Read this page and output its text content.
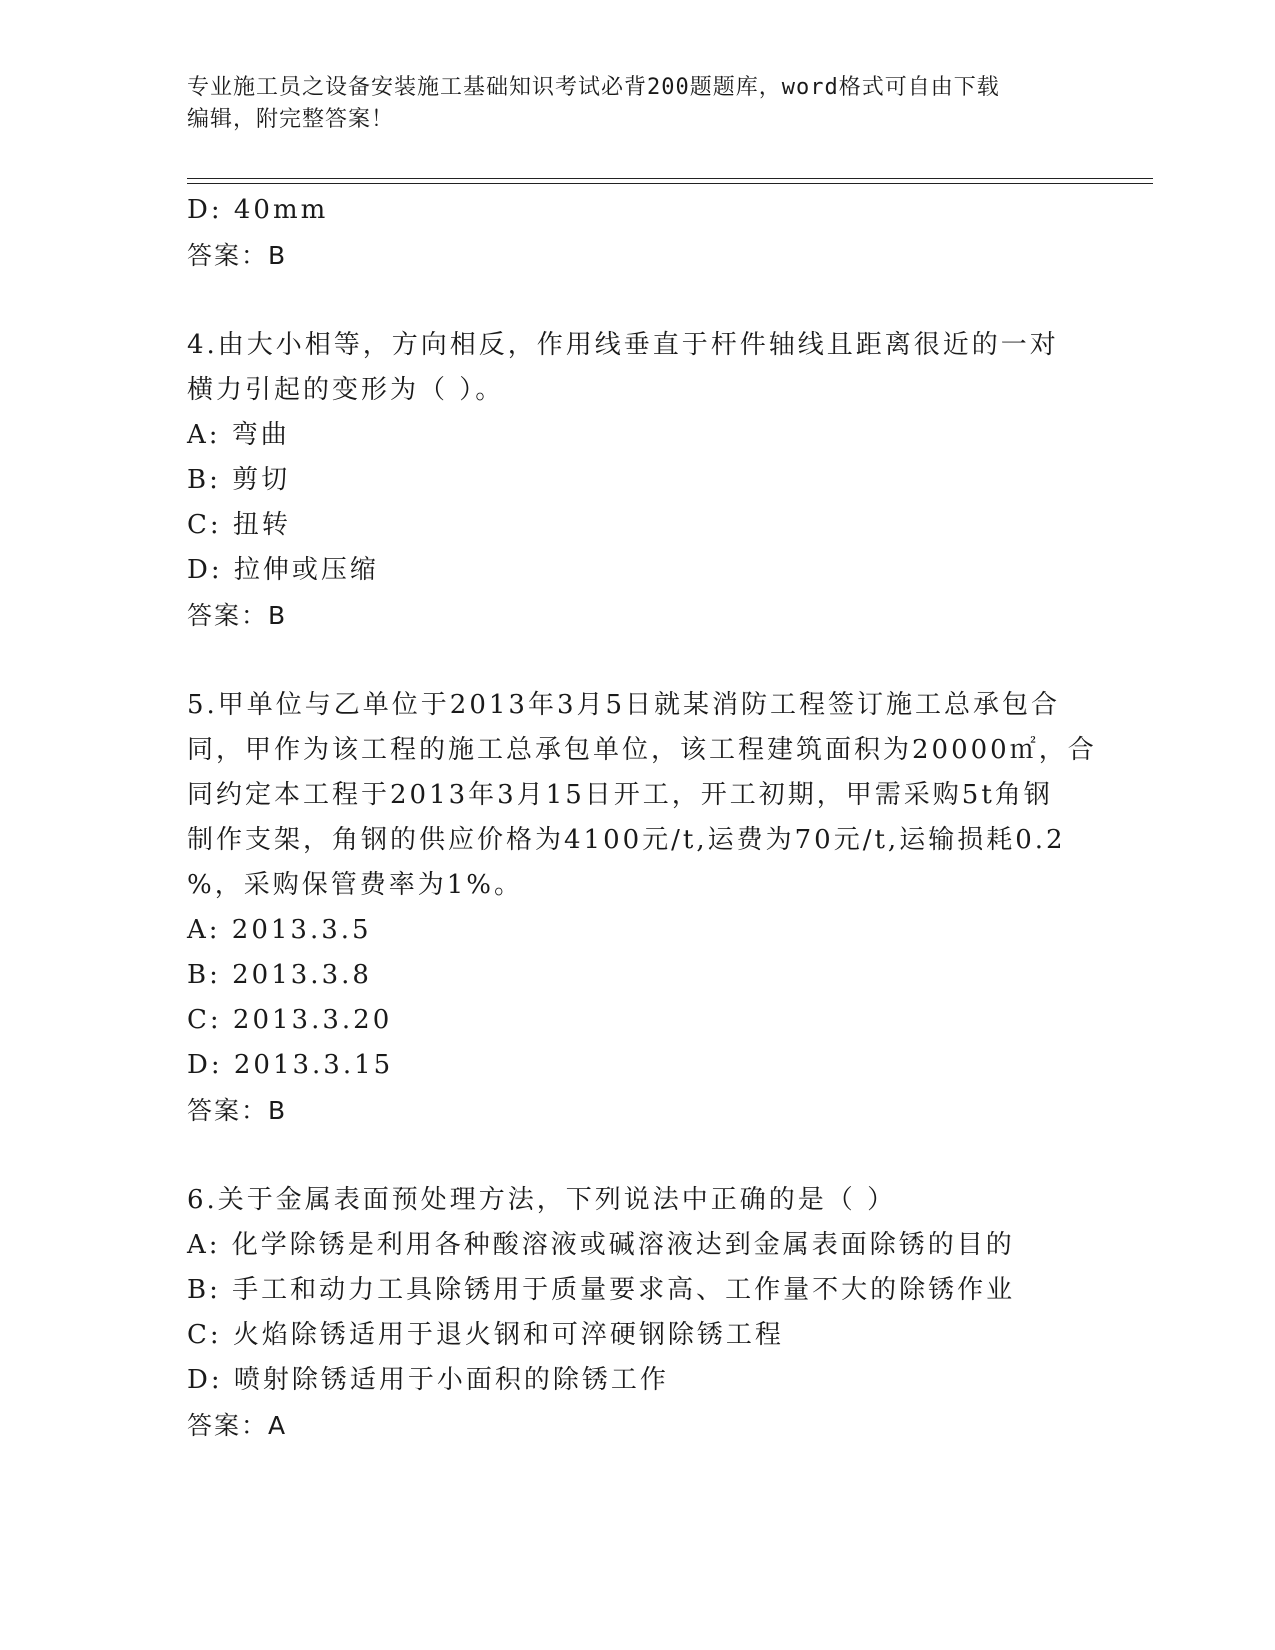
专业施工员之设备安装施工基础知识考试必背200题题库，word格式可自由下载
编辑，附完整答案！
D: 40mm
答案：B
4.由大小相等，方向相反，作用线垂直于杆件轴线且距离很近的一对
横力引起的变形为（ ）。
A: 弯曲
B: 剪切
C: 扭转
D: 拉伸或压缩
答案：B
5.甲单位与乙单位于2013年3月5日就某消防工程签订施工总承包合
同，甲作为该工程的施工总承包单位，该工程建筑面积为20000㎡，合
同约定本工程于2013年3月15日开工，开工初期，甲需采购5t角钢
制作支架，角钢的供应价格为4100元/t,运费为70元/t,运输损耗0.2
%，采购保管费率为1%。
A: 2013.3.5
B: 2013.3.8
C: 2013.3.20
D: 2013.3.15
答案：B
6.关于金属表面预处理方法，下列说法中正确的是（ ）
A: 化学除锈是利用各种酸溶液或碱溶液达到金属表面除锈的目的
B: 手工和动力工具除锈用于质量要求高、工作量不大的除锈作业
C: 火焰除锈适用于退火钢和可淬硬钢除锈工程
D: 喷射除锈适用于小面积的除锈工作
答案：A
